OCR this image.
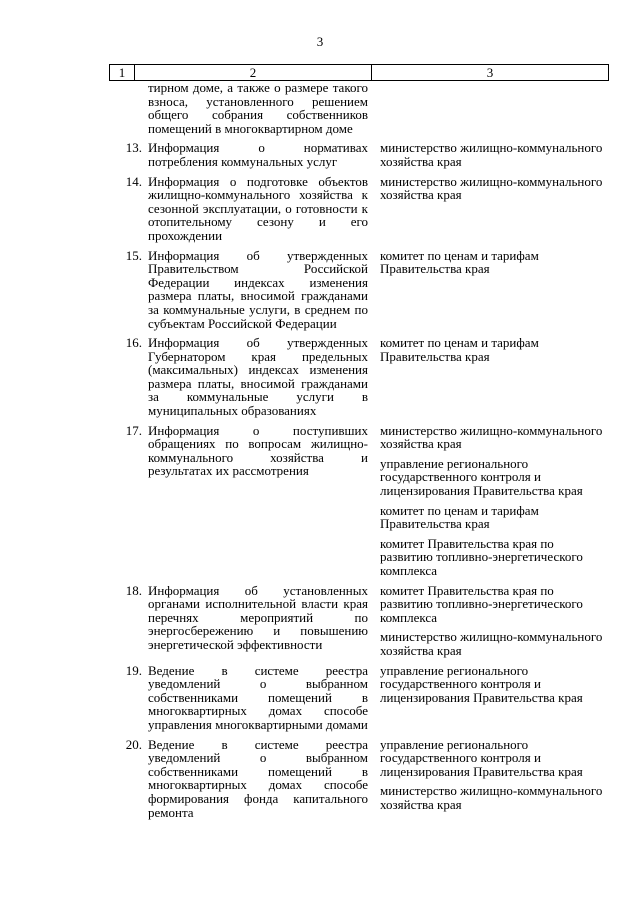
3
1	2	3
тирном доме, а также о размере такого взноса, установленного решением общего собрания собственников помещений в многоквартирном доме
13. Информация о нормативах потребления коммунальных услуг
министерство жилищно-коммунального хозяйства края
14. Информация о подготовке объектов жилищно-коммунального хозяйства к сезонной эксплуатации, о готовности к отопительному сезону и его прохождении
министерство жилищно-коммунального хозяйства края
15. Информация об утвержденных Правительством Российской Федерации индексах изменения размера платы, вносимой гражданами за коммунальные услуги, в среднем по субъектам Российской Федерации
комитет по ценам и тарифам Правительства края
16. Информация об утвержденных Губернатором края предельных (максимальных) индексах изменения размера платы, вносимой гражданами за коммунальные услуги в муниципальных образованиях
комитет по ценам и тарифам Правительства края
17. Информация о поступивших обращениях по вопросам жилищно-коммунального хозяйства и результатах их рассмотрения
министерство жилищно-коммунального хозяйства края
управление регионального государственного контроля и лицензирования Правительства края
комитет по ценам и тарифам Правительства края
комитет Правительства края по развитию топливно-энергетического комплекса
18. Информация об установленных органами исполнительной власти края перечнях мероприятий по энергосбережению и повышению энергетической эффективности
комитет Правительства края по развитию топливно-энергетического комплекса
министерство жилищно-коммунального хозяйства края
19. Ведение в системе реестра уведомлений о выбранном собственниками помещений в многоквартирных домах способе управления многоквартирными домами
управление регионального государственного контроля и лицензирования Правительства края
20. Ведение в системе реестра уведомлений о выбранном собственниками помещений в многоквартирных домах способе формирования фонда капитального ремонта
управление регионального государственного контроля и лицензирования Правительства края
министерство жилищно-коммунального хозяйства края
